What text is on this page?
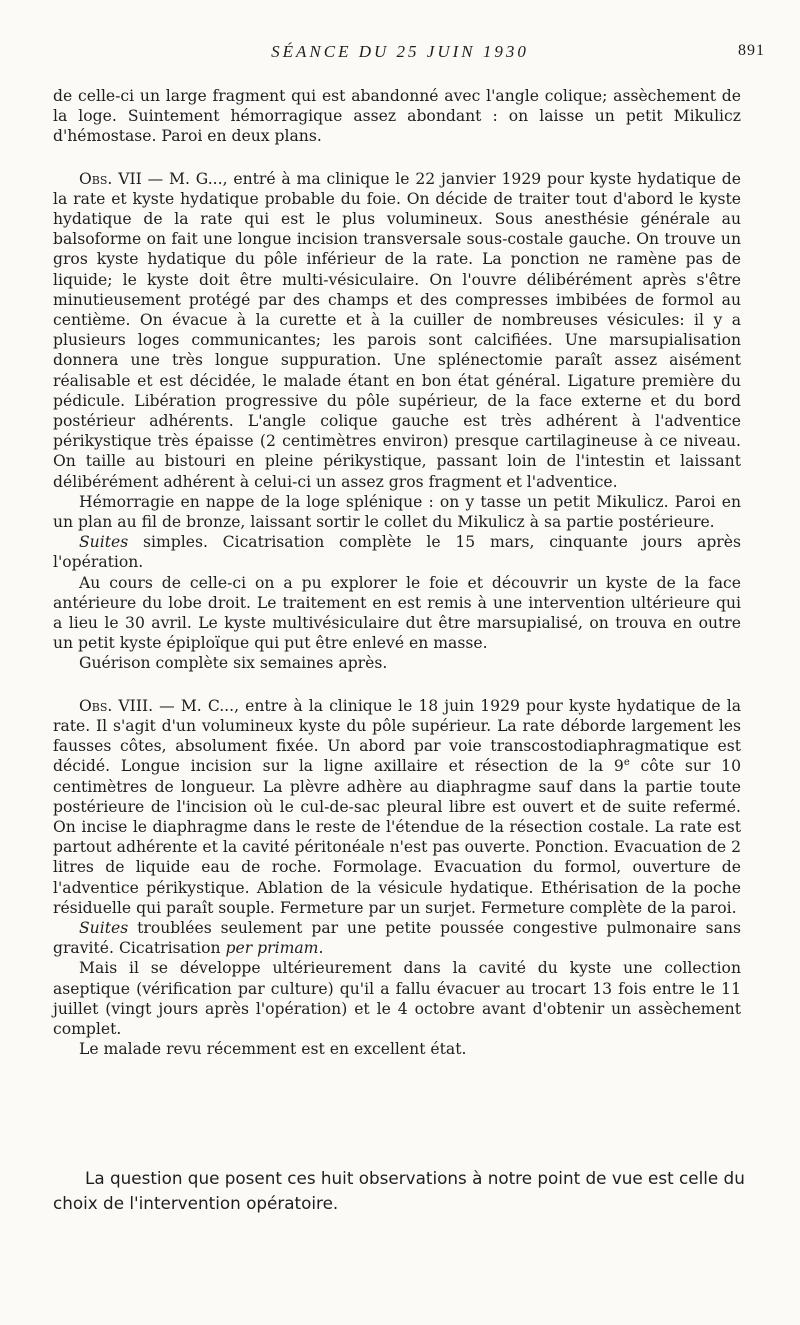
SÉANCE DU 25 JUIN 1930	891

de celle-ci un large fragment qui est abandonné avec l'angle colique; assèchement de la loge. Suintement hémorragique assez abondant : on laisse un petit Mikulicz d'hémostase. Paroi en deux plans.

Obs. VII — M. G..., entré à ma clinique le 22 janvier 1929 pour kyste hydatique de la rate et kyste hydatique probable du foie. On décide de traiter tout d'abord le kyste hydatique de la rate qui est le plus volumineux. Sous anesthésie générale au balsoforme on fait une longue incision transversale sous-costale gauche. On trouve un gros kyste hydatique du pôle inférieur de la rate. La ponction ne ramène pas de liquide; le kyste doit être multi-vésiculaire. On l'ouvre délibérément après s'être minutieusement protégé par des champs et des compresses imbibées de formol au centième. On évacue à la curette et à la cuiller de nombreuses vésicules: il y a plusieurs loges communicantes; les parois sont calcifiées. Une marsupialisation donnera une très longue suppuration. Une splénectomie paraît assez aisément réalisable et est décidée, le malade étant en bon état général. Ligature première du pédicule. Libération progressive du pôle supérieur, de la face externe et du bord postérieur adhérents. L'angle colique gauche est très adhérent à l'adventice périkystique très épaisse (2 centimètres environ) presque cartilagineuse à ce niveau. On taille au bistouri en pleine périkystique, passant loin de l'intestin et laissant délibérément adhérent à celui-ci un assez gros fragment et l'adventice.

Hémorragie en nappe de la loge splénique : on y tasse un petit Mikulicz. Paroi en un plan au fil de bronze, laissant sortir le collet du Mikulicz à sa partie postérieure.

Suites simples. Cicatrisation complète le 15 mars, cinquante jours après l'opération.

Au cours de celle-ci on a pu explorer le foie et découvrir un kyste de la face antérieure du lobe droit. Le traitement en est remis à une intervention ultérieure qui a lieu le 30 avril. Le kyste multivésiculaire dut être marsupialisé, on trouva en outre un petit kyste épiploïque qui put être enlevé en masse.

Guérison complète six semaines après.

Obs. VIII. — M. C..., entre à la clinique le 18 juin 1929 pour kyste hydatique de la rate. Il s'agit d'un volumineux kyste du pôle supérieur. La rate déborde largement les fausses côtes, absolument fixée. Un abord par voie transcostodiaphragmatique est décidé. Longue incision sur la ligne axillaire et résection de la 9e côte sur 10 centimètres de longueur. La plèvre adhère au diaphragme sauf dans la partie toute postérieure de l'incision où le cul-de-sac pleural libre est ouvert et de suite refermé. On incise le diaphragme dans le reste de l'étendue de la résection costale. La rate est partout adhérente et la cavité péritonéale n'est pas ouverte. Ponction. Evacuation de 2 litres de liquide eau de roche. Formolage. Evacuation du formol, ouverture de l'adventice périkystique. Ablation de la vésicule hydatique. Ethérisation de la poche résiduelle qui paraît souple. Fermeture par un surjet. Fermeture complète de la paroi.

Suites troublées seulement par une petite poussée congestive pulmonaire sans gravité. Cicatrisation per primam.

Mais il se développe ultérieurement dans la cavité du kyste une collection aseptique (vérification par culture) qu'il a fallu évacuer au trocart 13 fois entre le 11 juillet (vingt jours après l'opération) et le 4 octobre avant d'obtenir un assèchement complet.

Le malade revu récemment est en excellent état.

La question que posent ces huit observations à notre point de vue est celle du choix de l'intervention opératoire.
